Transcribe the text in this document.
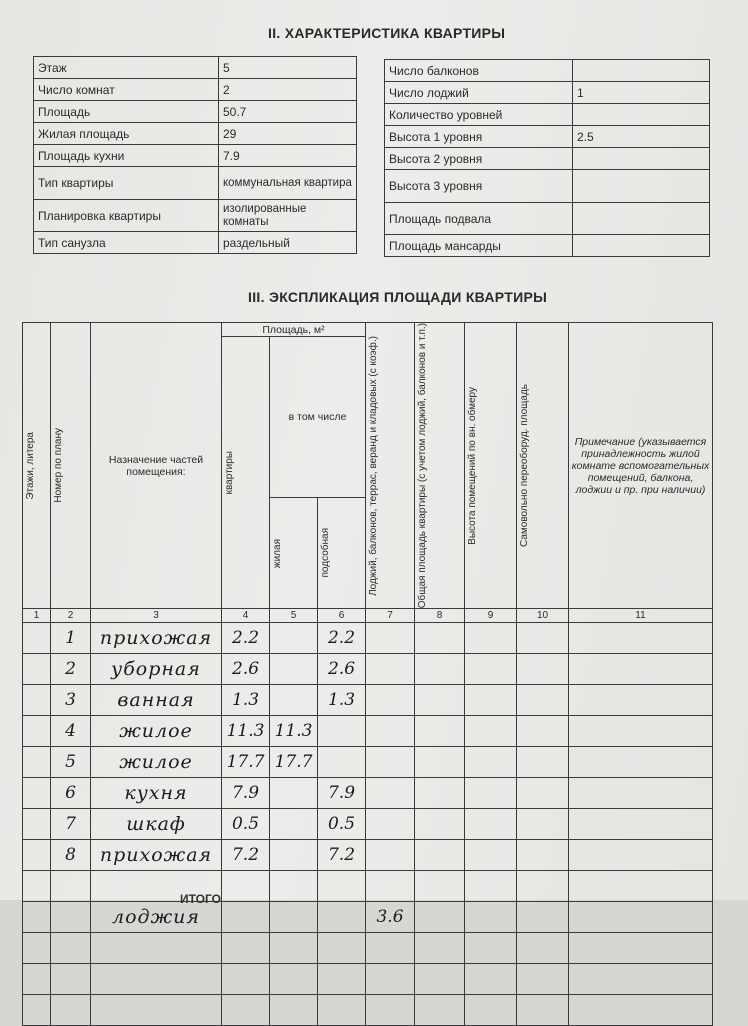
II. ХАРАКТЕРИСТИКА КВАРТИРЫ
Этаж	5
Число комнат	2
Площадь	50.7
Жилая площадь	29
Площадь кухни	7.9
Тип квартиры	коммунальная квартира
Планировка квартиры	изолированные комнаты
Тип санузла	раздельный
Число балконов	
Число лоджий	1
Количество уровней	
Высота 1 уровня	2.5
Высота 2 уровня	
Высота 3 уровня	
Площадь подвала	
Площадь мансарды	
III. ЭКСПЛИКАЦИЯ ПЛОЩАДИ КВАРТИРЫ
Этажи, литера	Номер по плану	Назначение частей помещения:	Площадь, м²			Лоджий, балконов, террас, веранд и кладовых (с коэф.)	Общая площадь квартиры (с учетом лоджий, балконов и т.п.)	Высота помещений по вн. обмеру	Самовольно переоборуд. площадь	Примечание (указывается принадлежность жилой комнате вспомогательных помещений, балкона, лоджии и пр. при наличии)

			квартиры	в том числе						

				жилая	подсобная					

1	2	3	4	5	6	7	8	9	10	11
	1	прихожая	2.2		2.2					
	2	уборная	2.6		2.6					
	3	ванная	1.3		1.3					
	4	жилое	11.3	11.3						
	5	жилое	17.7	17.7						
	6	кухня	7.9		7.9					
	7	шкаф	0.5		0.5					
	8	прихожая	7.2		7.2					

		лоджия				3.6				

ИТОГО
